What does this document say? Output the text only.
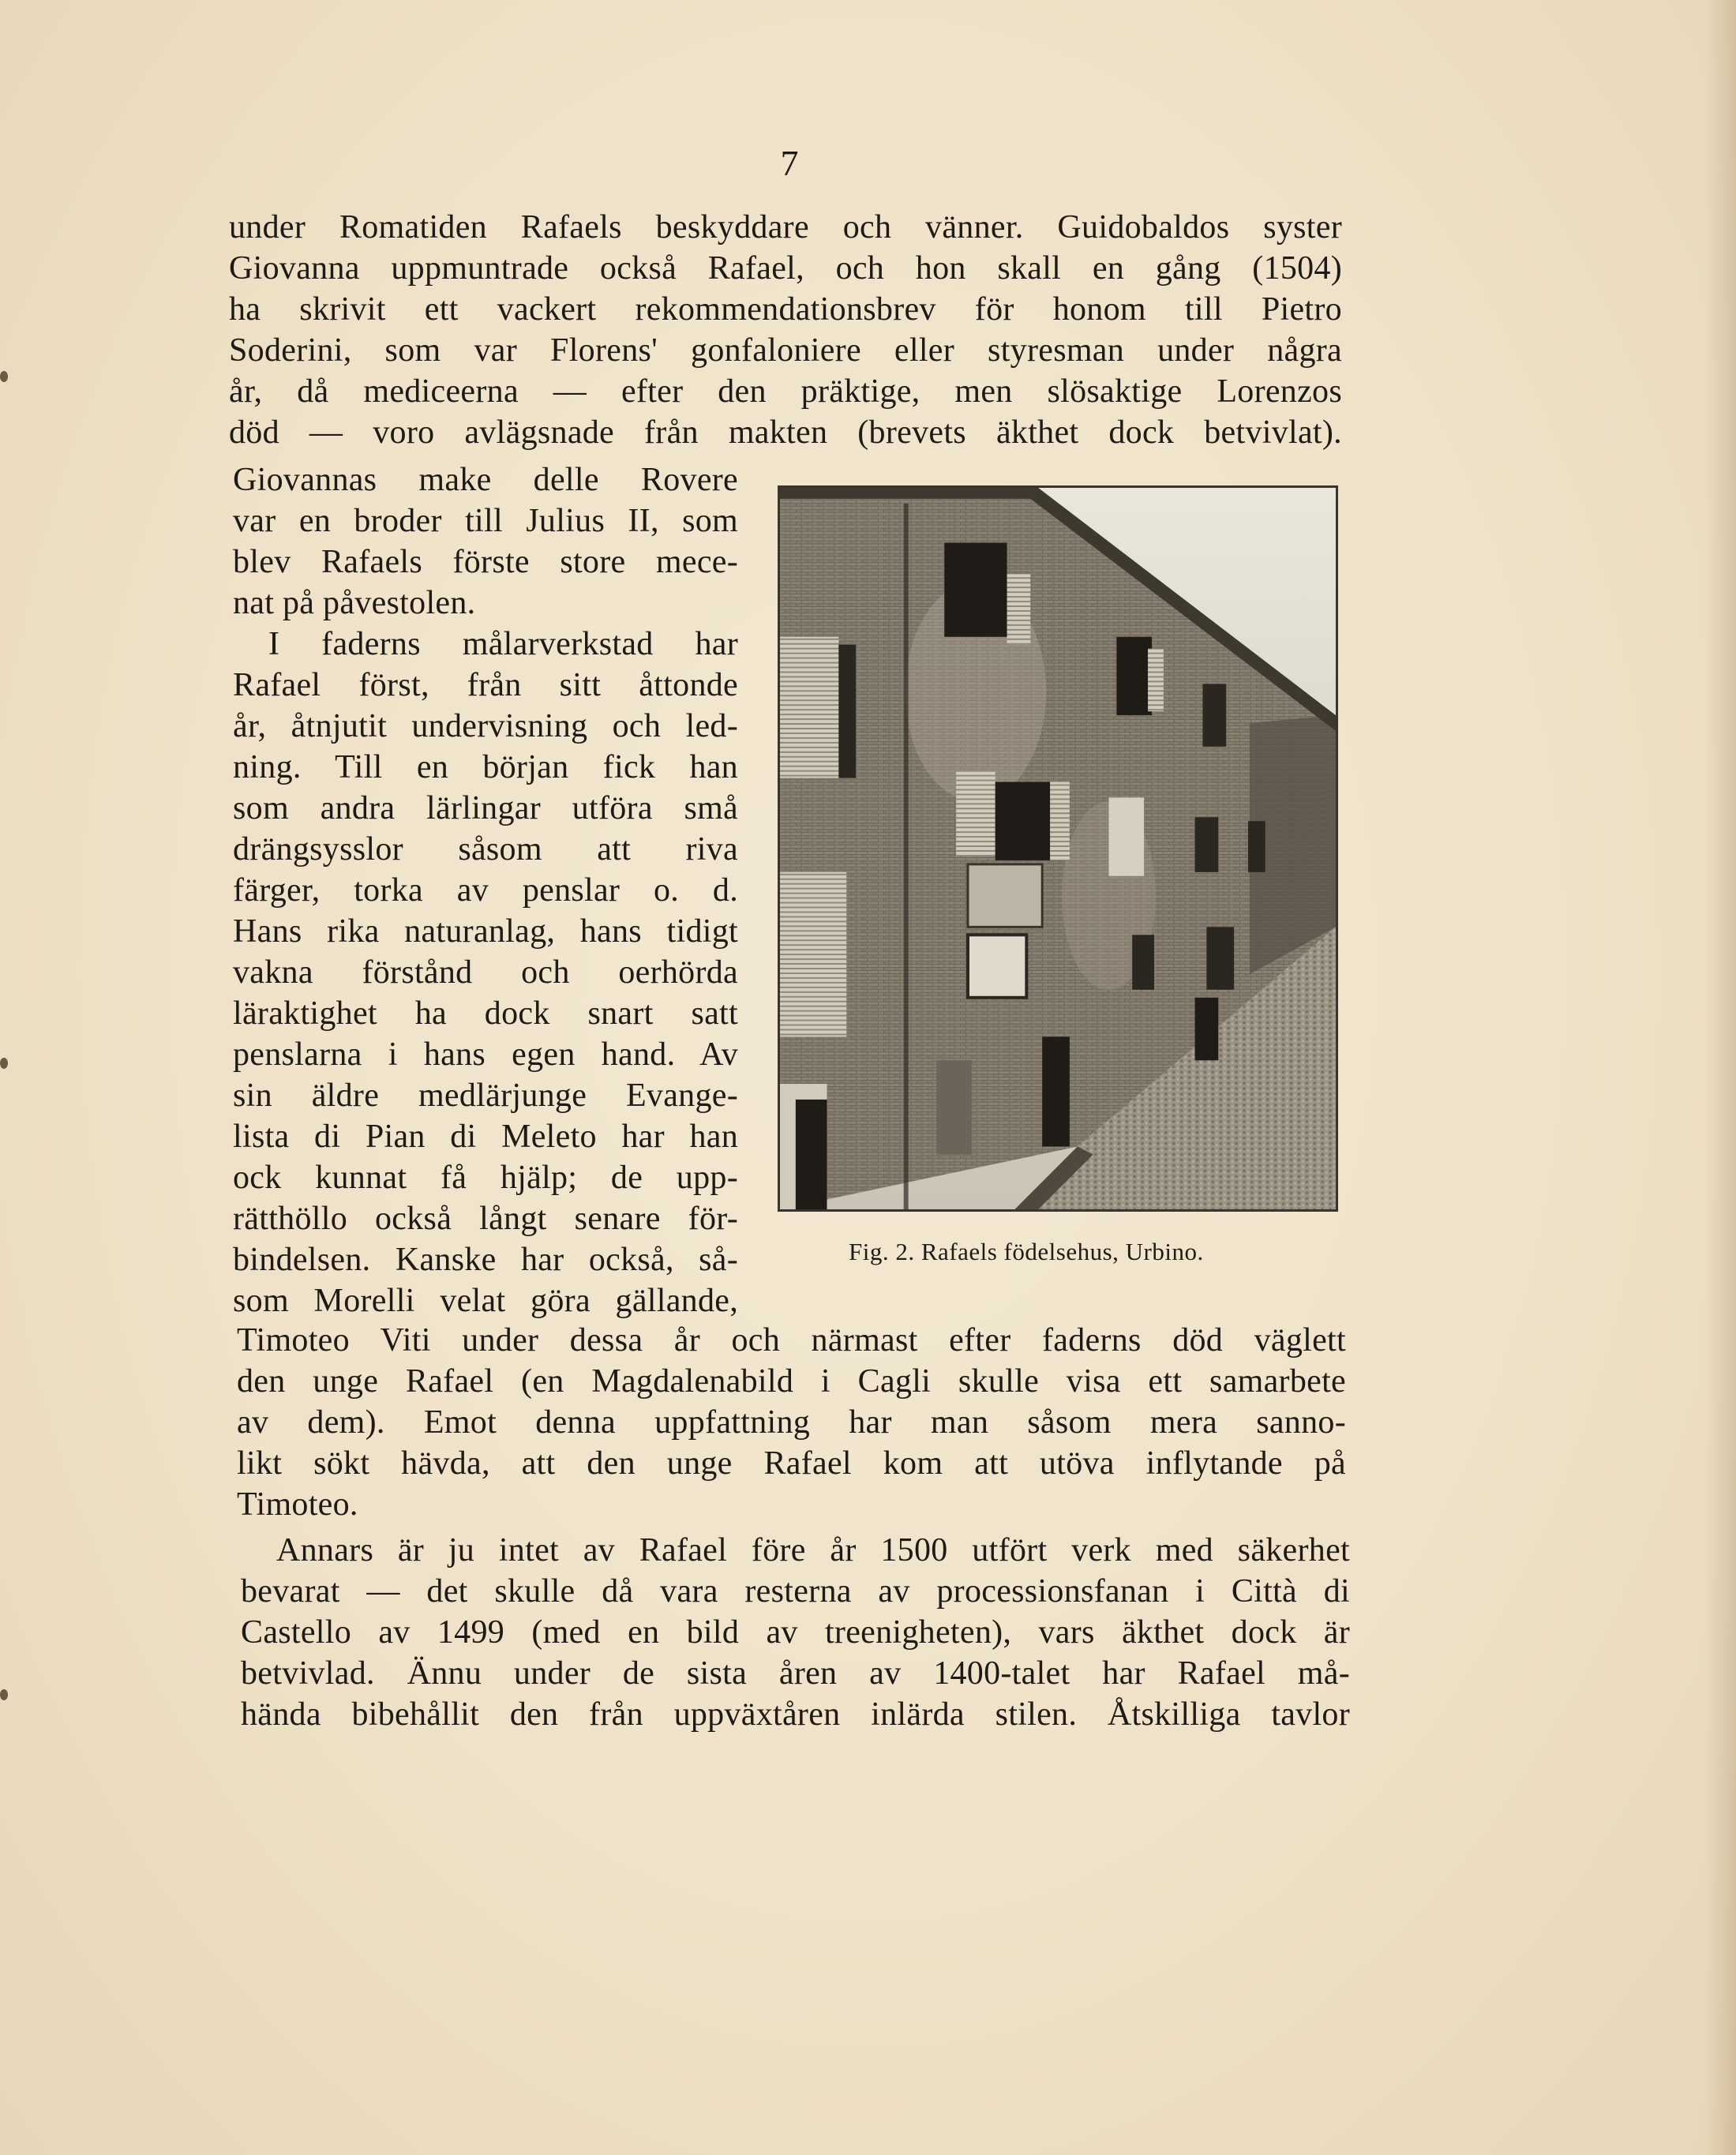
7
under Romatiden Rafaels beskyddare och vänner. Guidobaldos syster
Giovanna uppmuntrade också Rafael, och hon skall en gång (1504)
ha skrivit ett vackert rekommendationsbrev för honom till Pietro
Soderini, som var Florens' gonfaloniere eller styresman under några
år, då mediceerna — efter den präktige, men slösaktige Lorenzos
död — voro avlägsnade från makten (brevets äkthet dock betvivlat).
Giovannas make delle Rovere
var en broder till Julius II, som
blev Rafaels förste store mece-
nat på påvestolen.
I faderns målarverkstad har
Rafael först, från sitt åttonde
år, åtnjutit undervisning och led-
ning. Till en början fick han
som andra lärlingar utföra små
drängsysslor såsom att riva
färger, torka av penslar o. d.
Hans rika naturanlag, hans tidigt
vakna förstånd och oerhörda
läraktighet ha dock snart satt
penslarna i hans egen hand. Av
sin äldre medlärjunge Evange-
lista di Pian di Meleto har han
ock kunnat få hjälp; de upp-
rätthöllo också långt senare för-
bindelsen. Kanske har också, så-
som Morelli velat göra gällande,
Fig. 2. Rafaels födelsehus, Urbino.
Timoteo Viti under dessa år och närmast efter faderns död väglett
den unge Rafael (en Magdalenabild i Cagli skulle visa ett samarbete
av dem). Emot denna uppfattning har man såsom mera sanno-
likt sökt hävda, att den unge Rafael kom att utöva inflytande på
Timoteo.
Annars är ju intet av Rafael före år 1500 utfört verk med säkerhet
bevarat — det skulle då vara resterna av processionsfanan i Città di
Castello av 1499 (med en bild av treenigheten), vars äkthet dock är
betvivlad. Ännu under de sista åren av 1400-talet har Rafael må-
hända bibehållit den från uppväxtåren inlärda stilen. Åtskilliga tavlor
